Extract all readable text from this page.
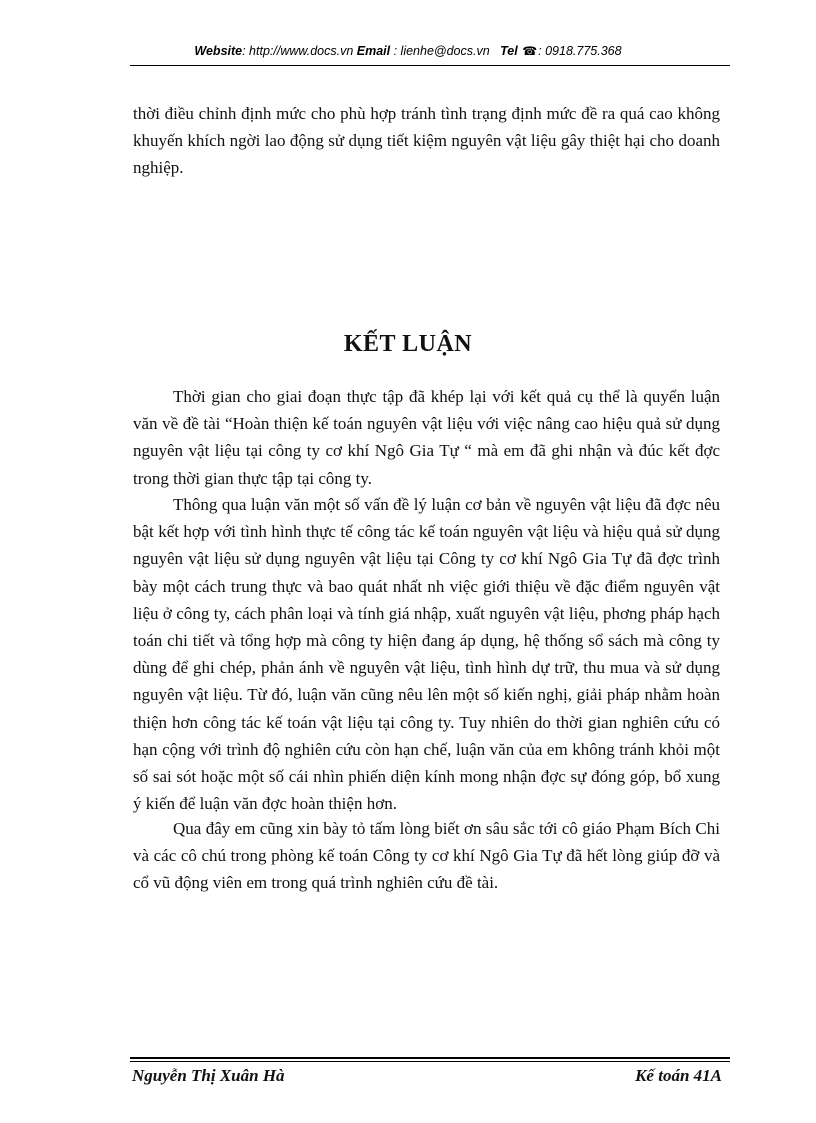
Website: http://www.docs.vn Email : lienhe@docs.vn Tel ☎: 0918.775.368

thời điều chỉnh định mức cho phù hợp tránh tình trạng định mức đề ra quá cao không khuyến khích ngời lao động sử dụng tiết kiệm nguyên vật liệu gây thiệt hại cho doanh nghiệp.

KẾT LUẬN

Thời gian cho giai đoạn thực tập đã khép lại với kết quả cụ thể là quyển luận văn về đề tài “Hoàn thiện kế toán nguyên vật liệu với việc nâng cao hiệu quả sử dụng nguyên vật liệu tại công ty cơ khí Ngô Gia Tự “ mà em đã ghi nhận và đúc kết đợc trong thời gian thực tập tại công ty.

Thông qua luận văn một số vấn đề lý luận cơ bản về nguyên vật liệu đã đợc nêu bật kết hợp với tình hình thực tế công tác kế toán nguyên vật liệu và hiệu quả sử dụng nguyên vật liệu sử dụng nguyên vật liệu tại Công ty cơ khí Ngô Gia Tự đã đợc trình bày một cách trung thực và bao quát nhất nh việc giới thiệu về đặc điểm nguyên vật liệu ở công ty, cách phân loại và tính giá nhập, xuất nguyên vật liệu, phơng pháp hạch toán chi tiết và tổng hợp mà công ty hiện đang áp dụng, hệ thống sổ sách mà công ty dùng để ghi chép, phản ánh về nguyên vật liệu, tình hình dự trữ, thu mua và sử dụng nguyên vật liệu. Từ đó, luận văn cũng nêu lên một số kiến nghị, giải pháp nhằm hoàn thiện hơn công tác kế toán vật liệu tại công ty. Tuy nhiên do thời gian nghiên cứu có hạn cộng với trình độ nghiên cứu còn hạn chế, luận văn của em không tránh khỏi một số sai sót hoặc một số cái nhìn phiến diện kính mong nhận đợc sự đóng góp, bổ xung ý kiến để luận văn đợc hoàn thiện hơn.

Qua đây em cũng xin bày tỏ tấm lòng biết ơn sâu sắc tới cô giáo Phạm Bích Chi và các cô chú trong phòng kế toán Công ty cơ khí Ngô Gia Tự đã hết lòng giúp đỡ và cổ vũ động viên em trong quá trình nghiên cứu đề tài.

Nguyễn Thị Xuân Hà	Kế toán 41A
